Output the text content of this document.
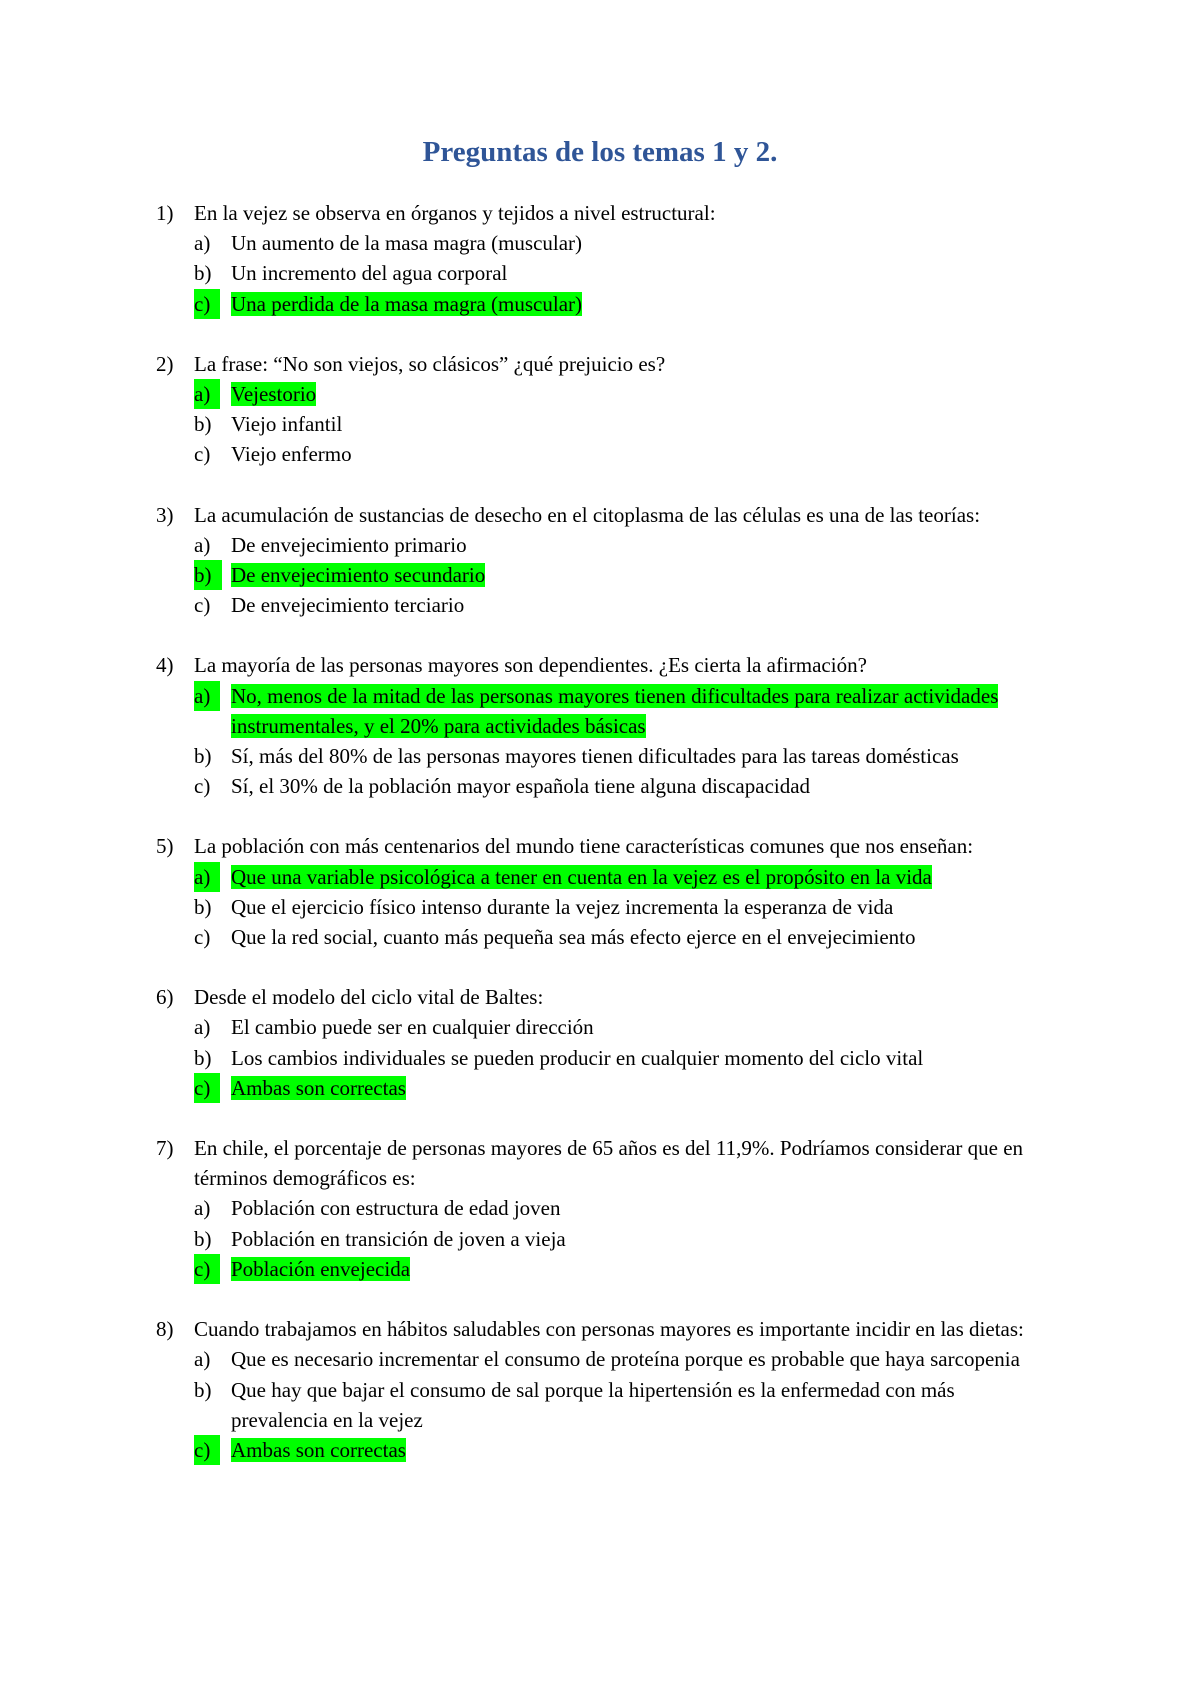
Preguntas de los temas 1 y 2.
1) En la vejez se observa en órganos y tejidos a nivel estructural:
a) Un aumento de la masa magra (muscular)
b) Un incremento del agua corporal
c) Una perdida de la masa magra (muscular)
2) La frase: “No son viejos, so clásicos” ¿qué prejuicio es?
a) Vejestorio
b) Viejo infantil
c) Viejo enfermo
3) La acumulación de sustancias de desecho en el citoplasma de las células es una de las teorías:
a) De envejecimiento primario
b) De envejecimiento secundario
c) De envejecimiento terciario
4) La mayoría de las personas mayores son dependientes. ¿Es cierta la afirmación?
a) No, menos de la mitad de las personas mayores tienen dificultades para realizar actividades instrumentales, y el 20% para actividades básicas
b) Sí, más del 80% de las personas mayores tienen dificultades para las tareas domésticas
c) Sí, el 30% de la población mayor española tiene alguna discapacidad
5) La población con más centenarios del mundo tiene características comunes que nos enseñan:
a) Que una variable psicológica a tener en cuenta en la vejez es el propósito en la vida
b) Que el ejercicio físico intenso durante la vejez incrementa la esperanza de vida
c) Que la red social, cuanto más pequeña sea más efecto ejerce en el envejecimiento
6) Desde el modelo del ciclo vital de Baltes:
a) El cambio puede ser en cualquier dirección
b) Los cambios individuales se pueden producir en cualquier momento del ciclo vital
c) Ambas son correctas
7) En chile, el porcentaje de personas mayores de 65 años es del 11,9%. Podríamos considerar que en términos demográficos es:
a) Población con estructura de edad joven
b) Población en transición de joven a vieja
c) Población envejecida
8) Cuando trabajamos en hábitos saludables con personas mayores es importante incidir en las dietas:
a) Que es necesario incrementar el consumo de proteína porque es probable que haya sarcopenia
b) Que hay que bajar el consumo de sal porque la hipertensión es la enfermedad con más prevalencia en la vejez
c) Ambas son correctas
